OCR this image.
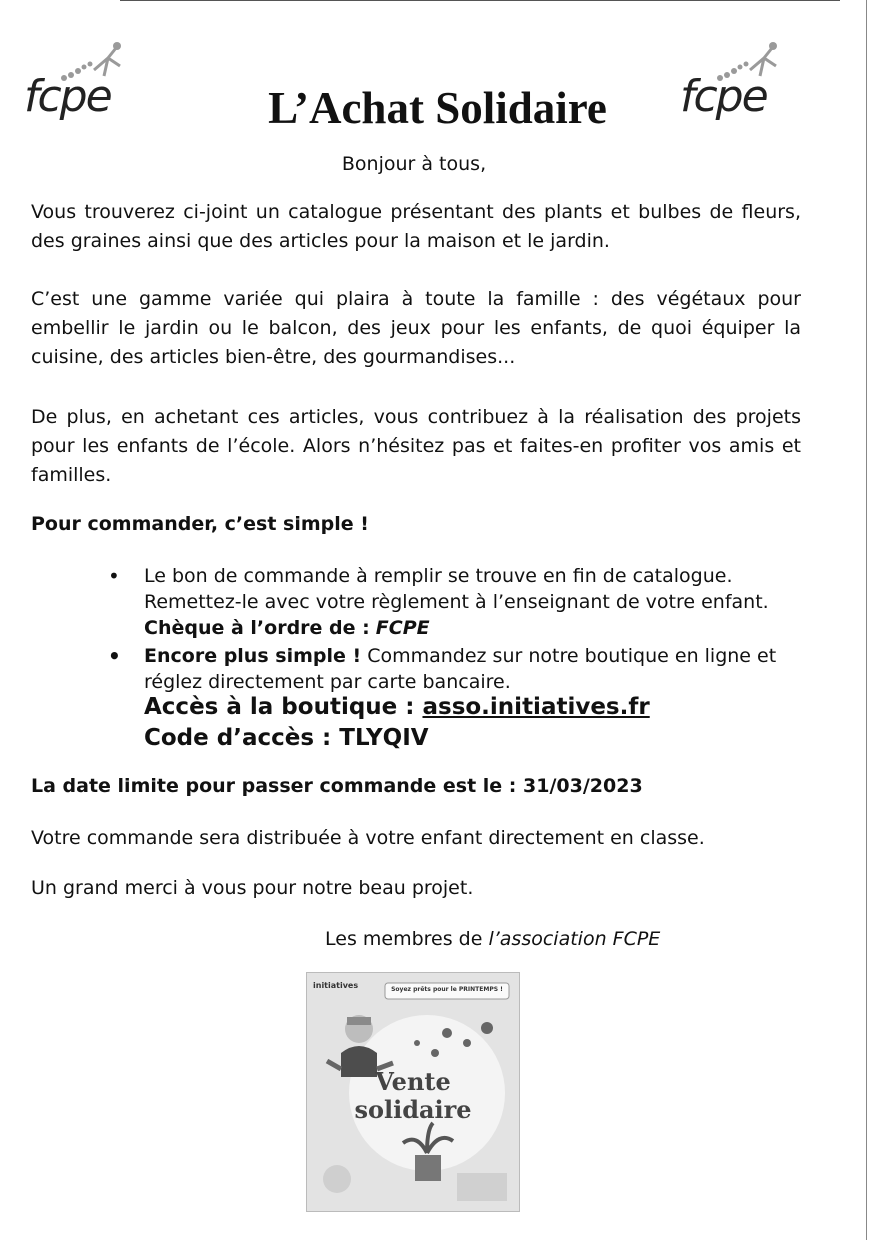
fcpe	fcpe
L’Achat Solidaire
Bonjour à tous,
Vous trouverez ci-joint un catalogue présentant des plants et bulbes de fleurs, des graines ainsi que des articles pour la maison et le jardin.
C’est une gamme variée qui plaira à toute la famille : des végétaux pour embellir le jardin ou le balcon, des jeux pour les enfants, de quoi équiper la cuisine, des articles bien-être, des gourmandises...
De plus, en achetant ces articles, vous contribuez à la réalisation des projets pour les enfants de l’école. Alors n’hésitez pas et faites-en profiter vos amis et familles.
Pour commander, c’est simple !
• Le bon de commande à remplir se trouve en fin de catalogue. Remettez-le avec votre règlement à l’enseignant de votre enfant. Chèque à l’ordre de : FCPE
• Encore plus simple ! Commandez sur notre boutique en ligne et réglez directement par carte bancaire.
Accès à la boutique : asso.initiatives.fr
Code d’accès : TLYQIV
La date limite pour passer commande est le : 31/03/2023
Votre commande sera distribuée à votre enfant directement en classe.
Un grand merci à vous pour notre beau projet.
Les membres de l’association FCPE
initiatives	Soyez prêts pour le PRINTEMPS !
Vente
solidaire
